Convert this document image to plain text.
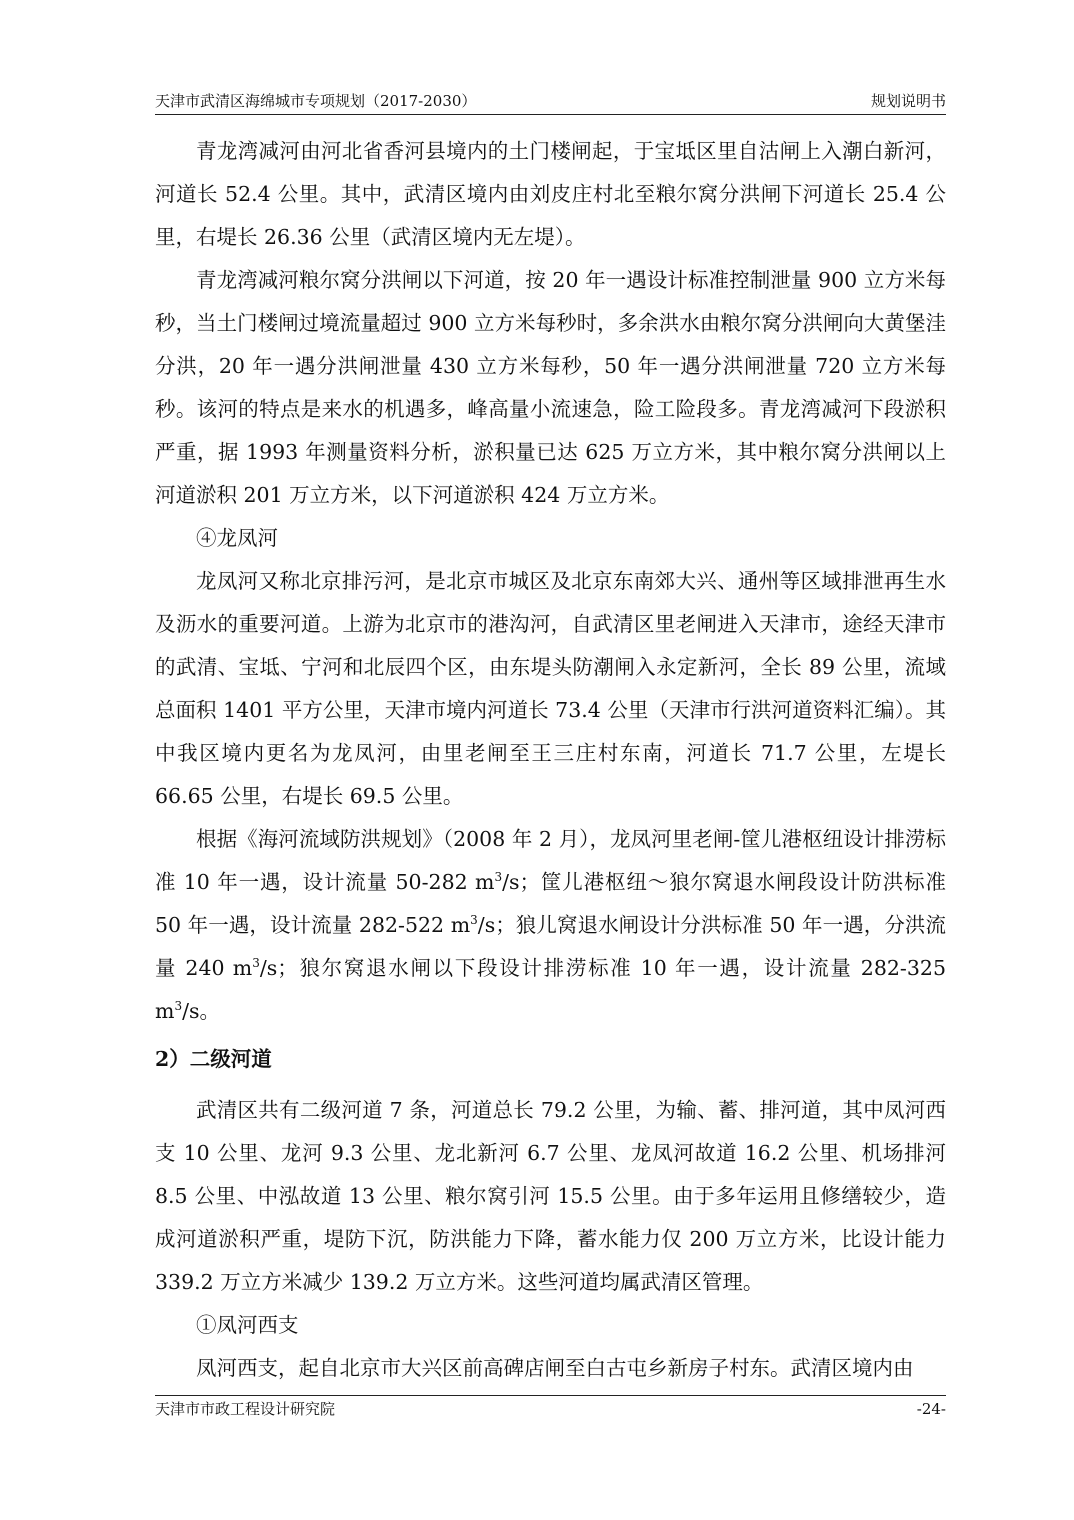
天津市武清区海绵城市专项规划（2017-2030）	规划说明书

青龙湾减河由河北省香河县境内的土门楼闸起，于宝坻区里自沽闸上入潮白新河，河道长 52.4 公里。其中，武清区境内由刘皮庄村北至粮尔窝分洪闸下河道长 25.4 公里，右堤长 26.36 公里（武清区境内无左堤）。

青龙湾减河粮尔窝分洪闸以下河道，按 20 年一遇设计标准控制泄量 900 立方米每秒，当土门楼闸过境流量超过 900 立方米每秒时，多余洪水由粮尔窝分洪闸向大黄堡洼分洪，20 年一遇分洪闸泄量 430 立方米每秒，50 年一遇分洪闸泄量 720 立方米每秒。该河的特点是来水的机遇多，峰高量小流速急，险工险段多。青龙湾减河下段淤积严重，据 1993 年测量资料分析，淤积量已达 625 万立方米，其中粮尔窝分洪闸以上河道淤积 201 万立方米，以下河道淤积 424 万立方米。

④龙凤河

龙凤河又称北京排污河，是北京市城区及北京东南郊大兴、通州等区域排泄再生水及沥水的重要河道。上游为北京市的港沟河，自武清区里老闸进入天津市，途经天津市的武清、宝坻、宁河和北辰四个区，由东堤头防潮闸入永定新河，全长 89 公里，流域总面积 1401 平方公里，天津市境内河道长 73.4 公里（天津市行洪河道资料汇编）。其中我区境内更名为龙凤河，由里老闸至王三庄村东南，河道长 71.7 公里，左堤长 66.65 公里，右堤长 69.5 公里。

根据《海河流域防洪规划》（2008 年 2 月），龙凤河里老闸-筐儿港枢纽设计排涝标准 10 年一遇，设计流量 50-282 $m^3/s$；筐儿港枢纽～狼尔窝退水闸段设计防洪标准 50 年一遇，设计流量 282-522 $m^3/s$；狼儿窝退水闸设计分洪标准 50 年一遇，分洪流量 240 $m^3/s$；狼尔窝退水闸以下段设计排涝标准 10 年一遇，设计流量 282-325 $m^3/s$。

2）二级河道

武清区共有二级河道 7 条，河道总长 79.2 公里，为输、蓄、排河道，其中凤河西支 10 公里、龙河 9.3 公里、龙北新河 6.7 公里、龙凤河故道 16.2 公里、机场排河 8.5 公里、中泓故道 13 公里、粮尔窝引河 15.5 公里。由于多年运用且修缮较少，造成河道淤积严重，堤防下沉，防洪能力下降，蓄水能力仅 200 万立方米，比设计能力 339.2 万立方米减少 139.2 万立方米。这些河道均属武清区管理。

①凤河西支

凤河西支，起自北京市大兴区前高碑店闸至白古屯乡新房子村东。武清区境内由

天津市市政工程设计研究院	-24-
